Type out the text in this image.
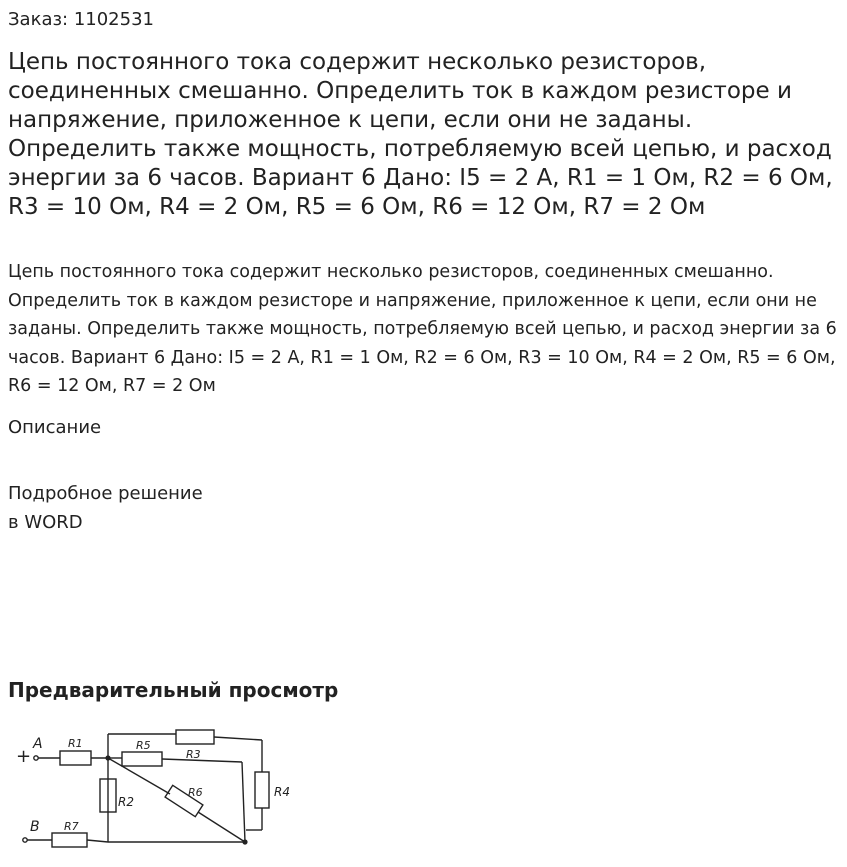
Заказ: 1102531
Цепь постоянного тока содержит несколько резисторов, соединенных смешанно. Определить ток в каждом резисторе и напряжение, приложенное к цепи, если они не заданы. Определить также мощность, потребляемую всей цепью, и расход энергии за 6 часов. Вариант 6 Дано: I5 = 2 А, R1 = 1 Ом, R2 = 6 Ом, R3 = 10 Ом, R4 = 2 Ом, R5 = 6 Ом, R6 = 12 Ом, R7 = 2 Ом

Цепь постоянного тока содержит несколько резисторов, соединенных смешанно. Определить ток в каждом резисторе и напряжение, приложенное к цепи, если они не заданы. Определить также мощность, потребляемую всей цепью, и расход энергии за 6 часов. Вариант 6 Дано: I5 = 2 А, R1 = 1 Ом, R2 = 6 Ом, R3 = 10 Ом, R4 = 2 Ом, R5 = 6 Ом, R6 = 12 Ом, R7 = 2 Ом

Описание
Подробное решение
в WORD
Предварительный просмотр
+
A
B
R1
R2
R3
R4
R5
R6
R7
